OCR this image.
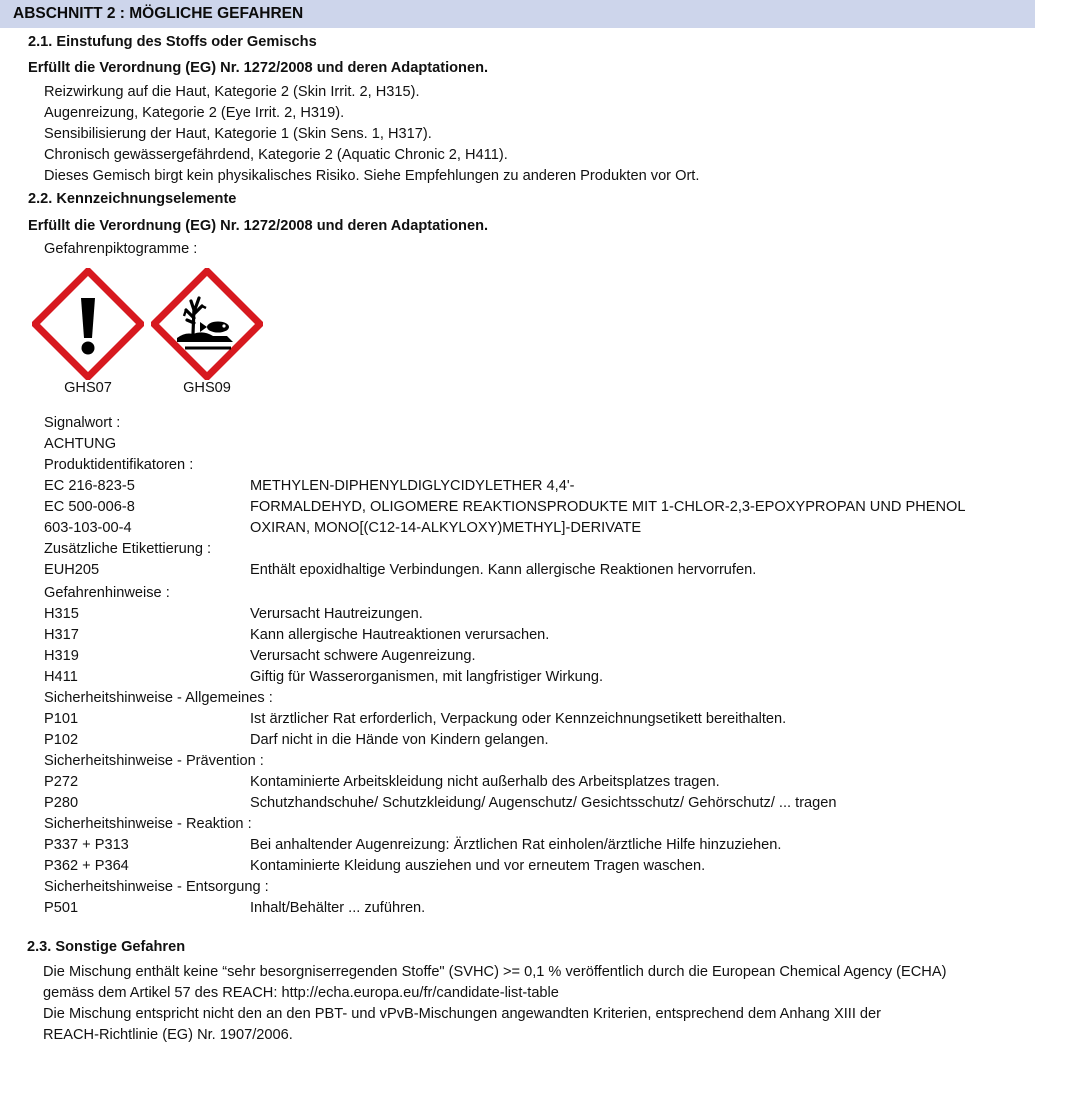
ABSCHNITT 2 : MÖGLICHE GEFAHREN
2.1. Einstufung des Stoffs oder Gemischs
Erfüllt die Verordnung (EG) Nr. 1272/2008 und deren Adaptationen.
Reizwirkung auf die Haut, Kategorie 2 (Skin Irrit. 2, H315).
Augenreizung, Kategorie 2 (Eye Irrit. 2, H319).
Sensibilisierung der Haut, Kategorie 1 (Skin Sens. 1, H317).
Chronisch gewässergefährdend, Kategorie 2 (Aquatic Chronic 2, H411).
Dieses Gemisch birgt kein physikalisches Risiko. Siehe Empfehlungen zu anderen Produkten vor Ort.
2.2. Kennzeichnungselemente
Erfüllt die Verordnung (EG) Nr. 1272/2008 und deren Adaptationen.
Gefahrenpiktogramme :
GHS07	GHS09
Signalwort :
ACHTUNG
Produktidentifikatoren :
EC 216-823-5	METHYLEN-DIPHENYLDIGLYCIDYLETHER 4,4'-
EC 500-006-8	FORMALDEHYD, OLIGOMERE REAKTIONSPRODUKTE MIT 1-CHLOR-2,3-EPOXYPROPAN UND PHENOL
603-103-00-4	OXIRAN, MONO[(C12-14-ALKYLOXY)METHYL]-DERIVATE
Zusätzliche Etikettierung :
EUH205	Enthält epoxidhaltige Verbindungen. Kann allergische Reaktionen hervorrufen.
Gefahrenhinweise :
H315	Verursacht Hautreizungen.
H317	Kann allergische Hautreaktionen verursachen.
H319	Verursacht schwere Augenreizung.
H411	Giftig für Wasserorganismen, mit langfristiger Wirkung.
Sicherheitshinweise - Allgemeines :
P101	Ist ärztlicher Rat erforderlich, Verpackung oder Kennzeichnungsetikett bereithalten.
P102	Darf nicht in die Hände von Kindern gelangen.
Sicherheitshinweise - Prävention :
P272	Kontaminierte Arbeitskleidung nicht außerhalb des Arbeitsplatzes tragen.
P280	Schutzhandschuhe/ Schutzkleidung/ Augenschutz/ Gesichtsschutz/ Gehörschutz/ ... tragen
Sicherheitshinweise - Reaktion :
P337 + P313	Bei anhaltender Augenreizung: Ärztlichen Rat einholen/ärztliche Hilfe hinzuziehen.
P362 + P364	Kontaminierte Kleidung ausziehen und vor erneutem Tragen waschen.
Sicherheitshinweise - Entsorgung :
P501	Inhalt/Behälter ... zuführen.
2.3. Sonstige Gefahren
Die Mischung enthält keine “sehr besorgniserregenden Stoffe" (SVHC) >= 0,1 % veröffentlich durch die European Chemical Agency (ECHA)
gemäss dem Artikel 57 des REACH: http://echa.europa.eu/fr/candidate-list-table
Die Mischung entspricht nicht den an den PBT- und vPvB-Mischungen angewandten Kriterien, entsprechend dem Anhang XIII der
REACH-Richtlinie (EG) Nr. 1907/2006.
